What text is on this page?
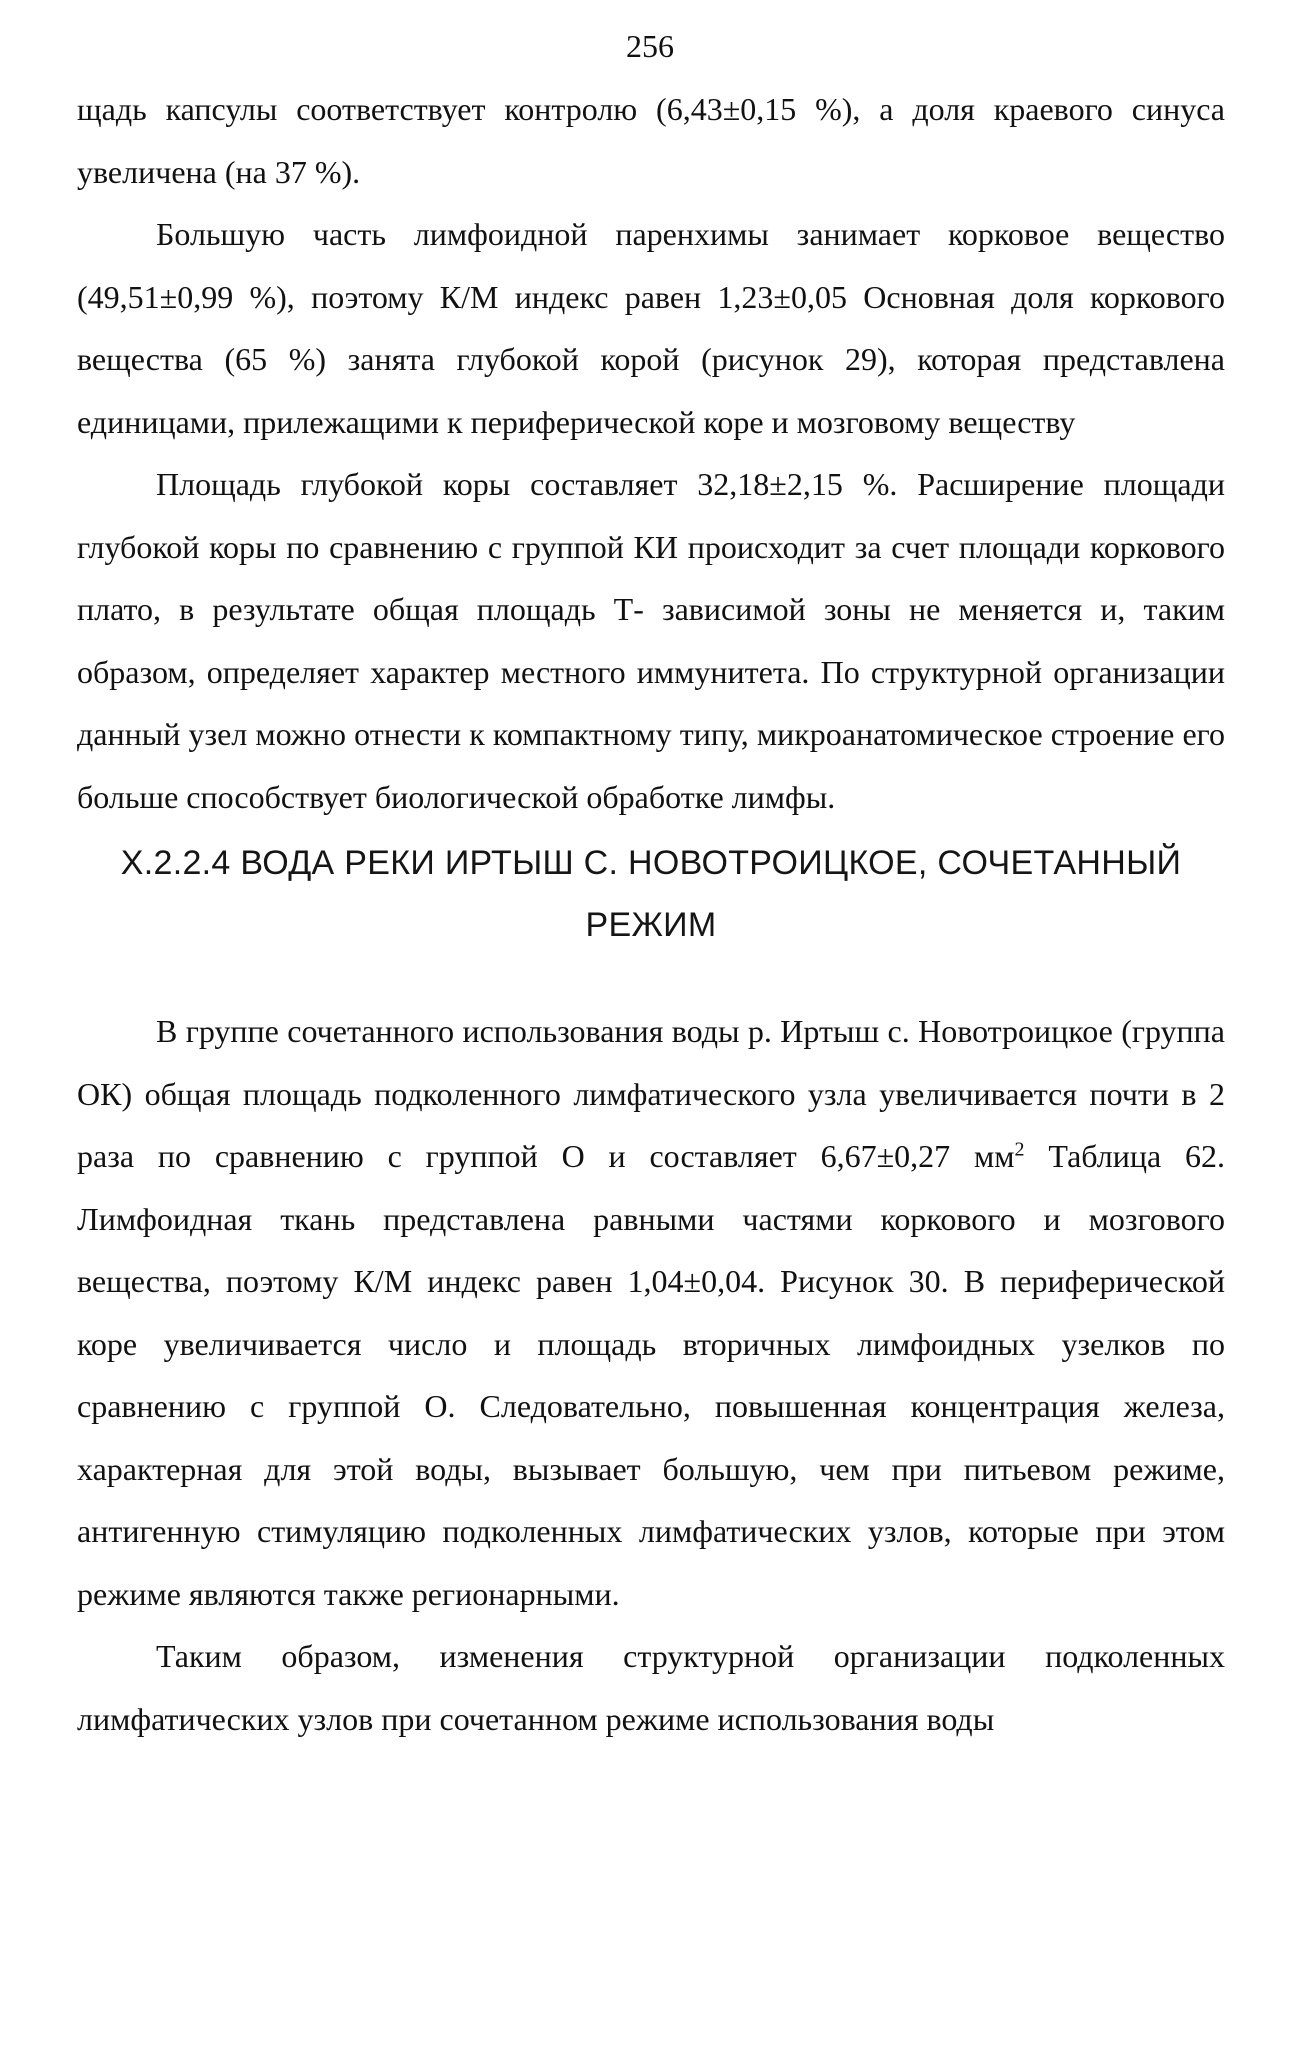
256

щадь капсулы соответствует контролю (6,43±0,15 %), а доля краевого синуса увеличена (на 37 %).

Большую часть лимфоидной паренхимы занимает корковое вещество (49,51±0,99 %), поэтому К/М индекс равен 1,23±0,05 Основная доля коркового вещества (65 %) занята глубокой корой (рисунок 29), которая представлена единицами, прилежащими к периферической коре и мозговому веществу

Площадь глубокой коры составляет 32,18±2,15 %. Расширение площади глубокой коры по сравнению с группой КИ происходит за счет площади коркового плато, в результате общая площадь Т- зависимой зоны не меняется и, таким образом, определяет характер местного иммунитета. По структурной организации данный узел можно отнести к компактному типу, микроанатомическое строение его больше способствует биологической обработке лимфы.

X.2.2.4 ВОДА РЕКИ ИРТЫШ С. НОВОТРОИЦКОЕ, СОЧЕТАННЫЙ

РЕЖИМ

В группе сочетанного использования воды р. Иртыш с. Новотроицкое (группа ОК) общая площадь подколенного лимфатического узла увеличивается почти в 2 раза по сравнению с группой О и составляет 6,67±0,27 $мм^2$ Таблица 62. Лимфоидная ткань представлена равными частями коркового и мозгового вещества, поэтому К/М индекс равен 1,04±0,04. Рисунок 30. В периферической коре увеличивается число и площадь вторичных лимфоидных узелков по сравнению с группой О. Следовательно, повышенная концентрация железа, характерная для этой воды, вызывает большую, чем при питьевом режиме, антигенную стимуляцию подколенных лимфатических узлов, которые при этом режиме являются также регионарными.

Таким образом, изменения структурной организации подколенных лимфатических узлов при сочетанном режиме использования воды
